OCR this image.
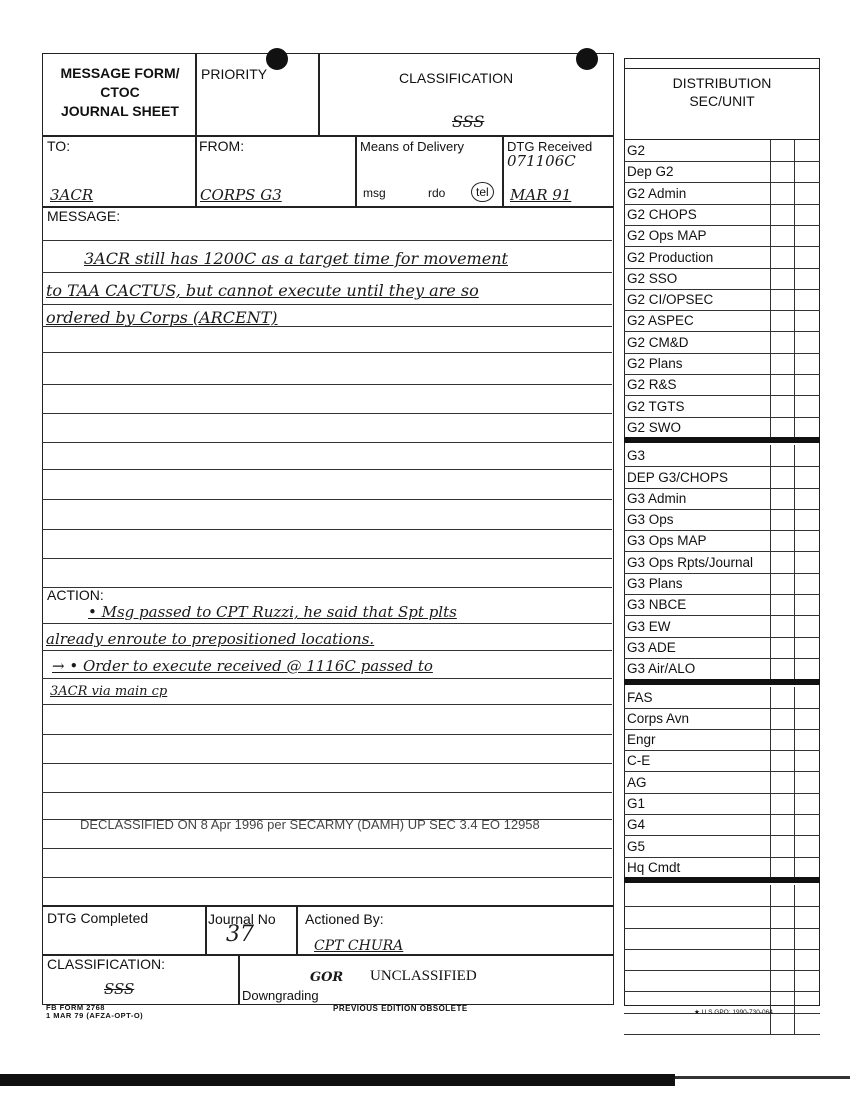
MESSAGE FORM/
CTOC
JOURNAL SHEET
PRIORITY	CLASSIFICATION
SSS
TO:
3ACR
FROM:
CORPS G3
Means of Delivery
msg	rdo	tel
DTG Received
071106C
MAR 91
MESSAGE:
3ACR still has 1200C as a target time for movement
to TAA CACTUS, but cannot execute until they are so
ordered by Corps (ARCENT)
ACTION:
• Msg passed to CPT Ruzzi, he said that Spt plts
already enroute to prepositioned locations.
→ • Order to execute received @ 1116C passed to
3ACR via main cp
DECLASSIFIED ON 8 Apr 1996 per SECARMY (DAMH) UP SEC 3.4 EO 12958
DTG Completed	Journal No
37
Actioned By:
CPT CHURA
CLASSIFICATION:
SSS	Downgrading
GOR UNCLASSIFIED
FB FORM 2768
1 MAR 79 (AFZA-OPT-O)
PREVIOUS EDITION OBSOLETE
DISTRIBUTION
SEC/UNIT
G2
Dep G2
G2 Admin
G2 CHOPS
G2 Ops MAP
G2 Production
G2 SSO
G2 CI/OPSEC
G2 ASPEC
G2 CM&D
G2 Plans
G2 R&S
G2 TGTS
G2 SWO
G3
DEP G3/CHOPS
G3 Admin
G3 Ops
G3 Ops MAP
G3 Ops Rpts/Journal
G3 Plans
G3 NBCE
G3 EW
G3 ADE
G3 Air/ALO
FAS
Corps Avn
Engr
C-E
AG
G1
G4
G5
Hq Cmdt
★ U S GPO: 1990-730-064
